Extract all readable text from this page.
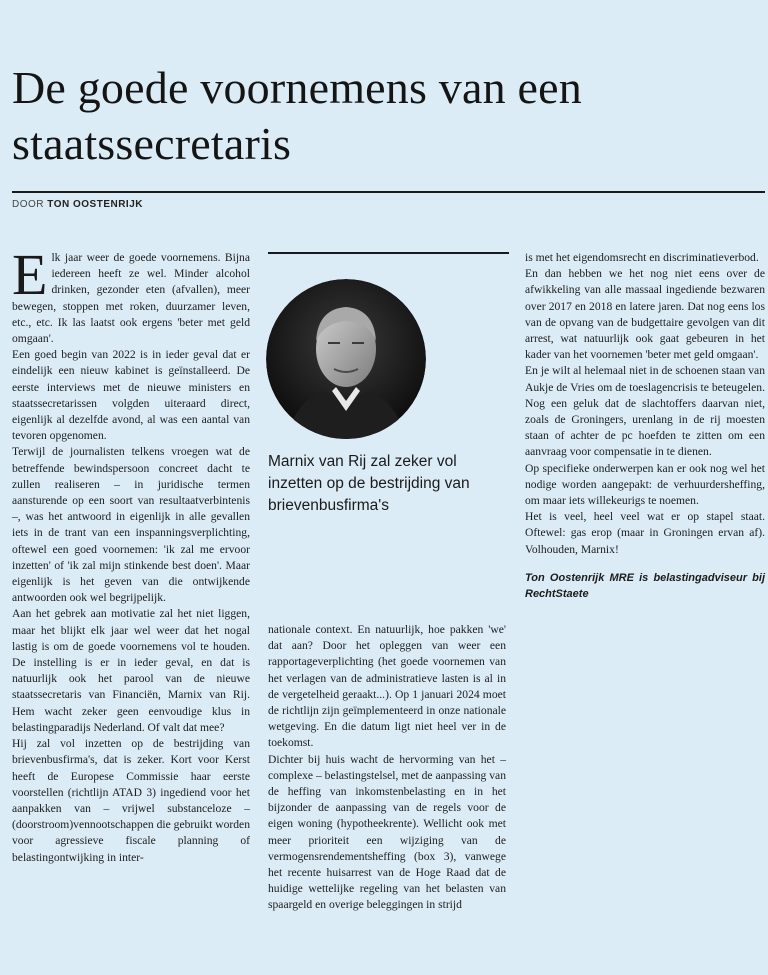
De goede voornemens van een staatssecretaris
DOOR TON OOSTENRIJK

Elk jaar weer de goede voornemens. Bijna iedereen heeft ze wel. Minder alcohol drinken, gezonder eten (afvallen), meer bewegen, stoppen met roken, duurzamer leven, etc., etc. Ik las laatst ook ergens 'beter met geld omgaan'.

Een goed begin van 2022 is in ieder geval dat er eindelijk een nieuw kabinet is geïnstalleerd. De eerste interviews met de nieuwe ministers en staatssecretarissen volgden uiteraard direct, eigenlijk al dezelfde avond, al was een aantal van tevoren opgenomen.

Terwijl de journalisten telkens vroegen wat de betreffende bewindspersoon concreet dacht te zullen realiseren – in juridische termen aansturende op een soort van resultaatverbintenis –, was het antwoord in eigenlijk in alle gevallen iets in de trant van een inspanningsverplichting, oftewel een goed voornemen: 'ik zal me ervoor inzetten' of 'ik zal mijn stinkende best doen'. Maar eigenlijk is het geven van die ontwijkende antwoorden ook wel begrijpelijk.

Aan het gebrek aan motivatie zal het niet liggen, maar het blijkt elk jaar wel weer dat het nogal lastig is om de goede voornemens vol te houden. De instelling is er in ieder geval, en dat is natuurlijk ook het parool van de nieuwe staatssecretaris van Financiën, Marnix van Rij. Hem wacht zeker geen eenvoudige klus in belastingparadijs Nederland. Of valt dat mee?

Hij zal vol inzetten op de bestrijding van brievenbusfirma's, dat is zeker. Kort voor Kerst heeft de Europese Commissie haar eerste voorstellen (richtlijn ATAD 3) ingediend voor het aanpakken van – vrijwel substanceloze – (doorstroom)vennootschappen die gebruikt worden voor agressieve fiscale planning of belastingontwijking in inter-

Marnix van Rij zal zeker vol inzetten op de bestrijding van brievenbusfirma's

nationale context. En natuurlijk, hoe pakken 'we' dat aan? Door het opleggen van weer een rapportageverplichting (het goede voornemen van het verlagen van de administratieve lasten is al in de vergetelheid geraakt...). Op 1 januari 2024 moet de richtlijn zijn geïmplementeerd in onze nationale wetgeving. En die datum ligt niet heel ver in de toekomst.

Dichter bij huis wacht de hervorming van het – complexe – belastingstelsel, met de aanpassing van de heffing van inkomstenbelasting en in het bijzonder de aanpassing van de regels voor de eigen woning (hypotheekrente). Wellicht ook met meer prioriteit een wijziging van de vermogensrendementsheffing (box 3), vanwege het recente huisarrest van de Hoge Raad dat de huidige wettelijke regeling van het belasten van spaargeld en overige beleggingen in strijd

is met het eigendomsrecht en discriminatieverbod.

En dan hebben we het nog niet eens over de afwikkeling van alle massaal ingediende bezwaren over 2017 en 2018 en latere jaren. Dat nog eens los van de opvang van de budgettaire gevolgen van dit arrest, wat natuurlijk ook gaat gebeuren in het kader van het voornemen 'beter met geld omgaan'.

En je wilt al helemaal niet in de schoenen staan van Aukje de Vries om de toeslagencrisis te beteugelen. Nog een geluk dat de slachtoffers daarvan niet, zoals de Groningers, urenlang in de rij moesten staan of achter de pc hoefden te zitten om een aanvraag voor compensatie in te dienen.

Op specifieke onderwerpen kan er ook nog wel het nodige worden aangepakt: de verhuurdersheffing, om maar iets willekeurigs te noemen.

Het is veel, heel veel wat er op stapel staat. Oftewel: gas erop (maar in Groningen ervan af). Volhouden, Marnix!

Ton Oostenrijk MRE is belastingadviseur bij RechtStaete
